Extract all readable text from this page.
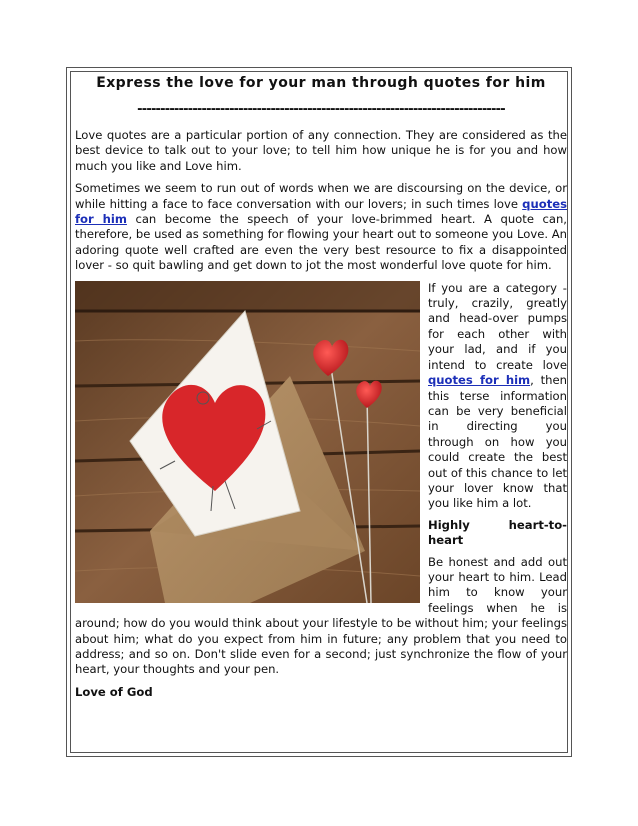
Express the love for your man through quotes for him
--------------------------------------------------------------------------------

Love quotes are a particular portion of any connection. They are considered as the best device to talk out to your love; to tell him how unique he is for you and how much you like and Love him.

Sometimes we seem to run out of words when we are discoursing on the device, or while hitting a face to face conversation with our lovers; in such times love quotes for him can become the speech of your love-brimmed heart. A quote can, therefore, be used as something for flowing your heart out to someone you Love. An adoring quote well crafted are even the very best resource to fix a disappointed lover - so quit bawling and get down to jot the most wonderful love quote for him.

If you are a category - truly, crazily, greatly and head-over pumps for each other with your lad, and if you intend to create love quotes for him, then this terse information can be very beneficial in directing you through on how you could create the best out of this chance to let your lover know that you like him a lot.

Highly heart-to-heart

Be honest and add out your heart to him. Lead him to know your feelings when he is around; how do you would think about your lifestyle to be without him; your feelings about him; what do you expect from him in future; any problem that you need to address; and so on. Don't slide even for a second; just synchronize the flow of your heart, your thoughts and your pen.

Love of God
